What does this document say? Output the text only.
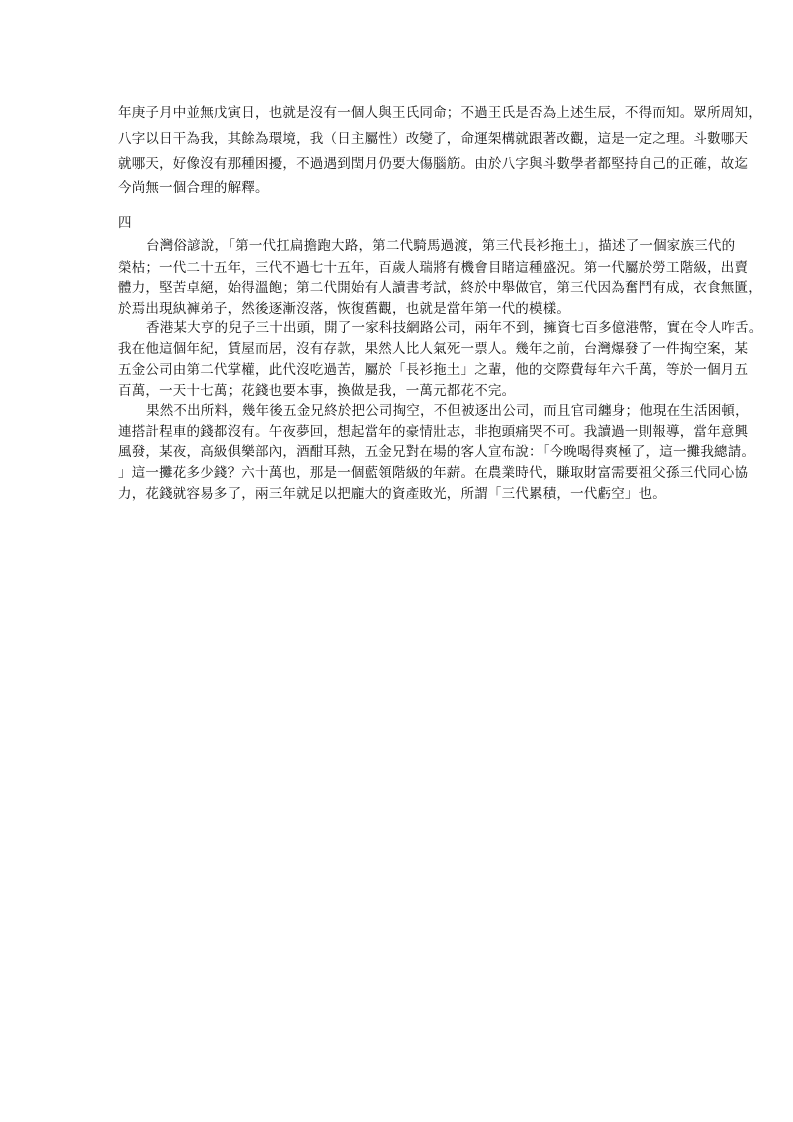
年庚子月中並無戊寅日，也就是沒有一個人與王氏同命；不過王氏是否為上述生辰，不得而知。眾所周知，
八字以日干為我，其餘為環境，我（日主屬性）改變了，命運架構就跟著改觀，這是一定之理。斗數哪天
就哪天，好像沒有那種困擾，不過遇到閏月仍要大傷腦筋。由於八字與斗數學者都堅持自己的正確，故迄
今尚無一個合理的解釋。
四
台灣俗諺說，「第一代扛扁擔跑大路，第二代騎馬過渡，第三代長衫拖土」，描述了一個家族三代的
榮枯；一代二十五年，三代不過七十五年，百歲人瑞將有機會目睹這種盛況。第一代屬於勞工階級，出賣
體力，堅苦卓絕，始得溫飽；第二代開始有人讀書考試，終於中舉做官，第三代因為奮鬥有成，衣食無匱，
於焉出現紈褲弟子，然後逐漸沒落，恢復舊觀，也就是當年第一代的模樣。
香港某大亨的兒子三十出頭，開了一家科技網路公司，兩年不到，擁資七百多億港幣，實在令人咋舌。
我在他這個年紀，賃屋而居，沒有存款，果然人比人氣死一票人。幾年之前，台灣爆發了一件掏空案，某
五金公司由第二代掌權，此代沒吃過苦，屬於「長衫拖土」之輩，他的交際費每年六千萬，等於一個月五
百萬，一天十七萬；花錢也要本事，換做是我，一萬元都花不完。
果然不出所料，幾年後五金兄終於把公司掏空，不但被逐出公司，而且官司纏身；他現在生活困頓，
連搭計程車的錢都沒有。午夜夢回，想起當年的豪情壯志，非抱頭痛哭不可。我讀過一則報導，當年意興
風發，某夜，高級俱樂部內，酒酣耳熱，五金兄對在場的客人宣布說：「今晚喝得爽極了，這一攤我總請。
」這一攤花多少錢？六十萬也，那是一個藍領階級的年薪。在農業時代，賺取財富需要祖父孫三代同心協
力，花錢就容易多了，兩三年就足以把龐大的資產敗光，所謂「三代累積，一代虧空」也。
